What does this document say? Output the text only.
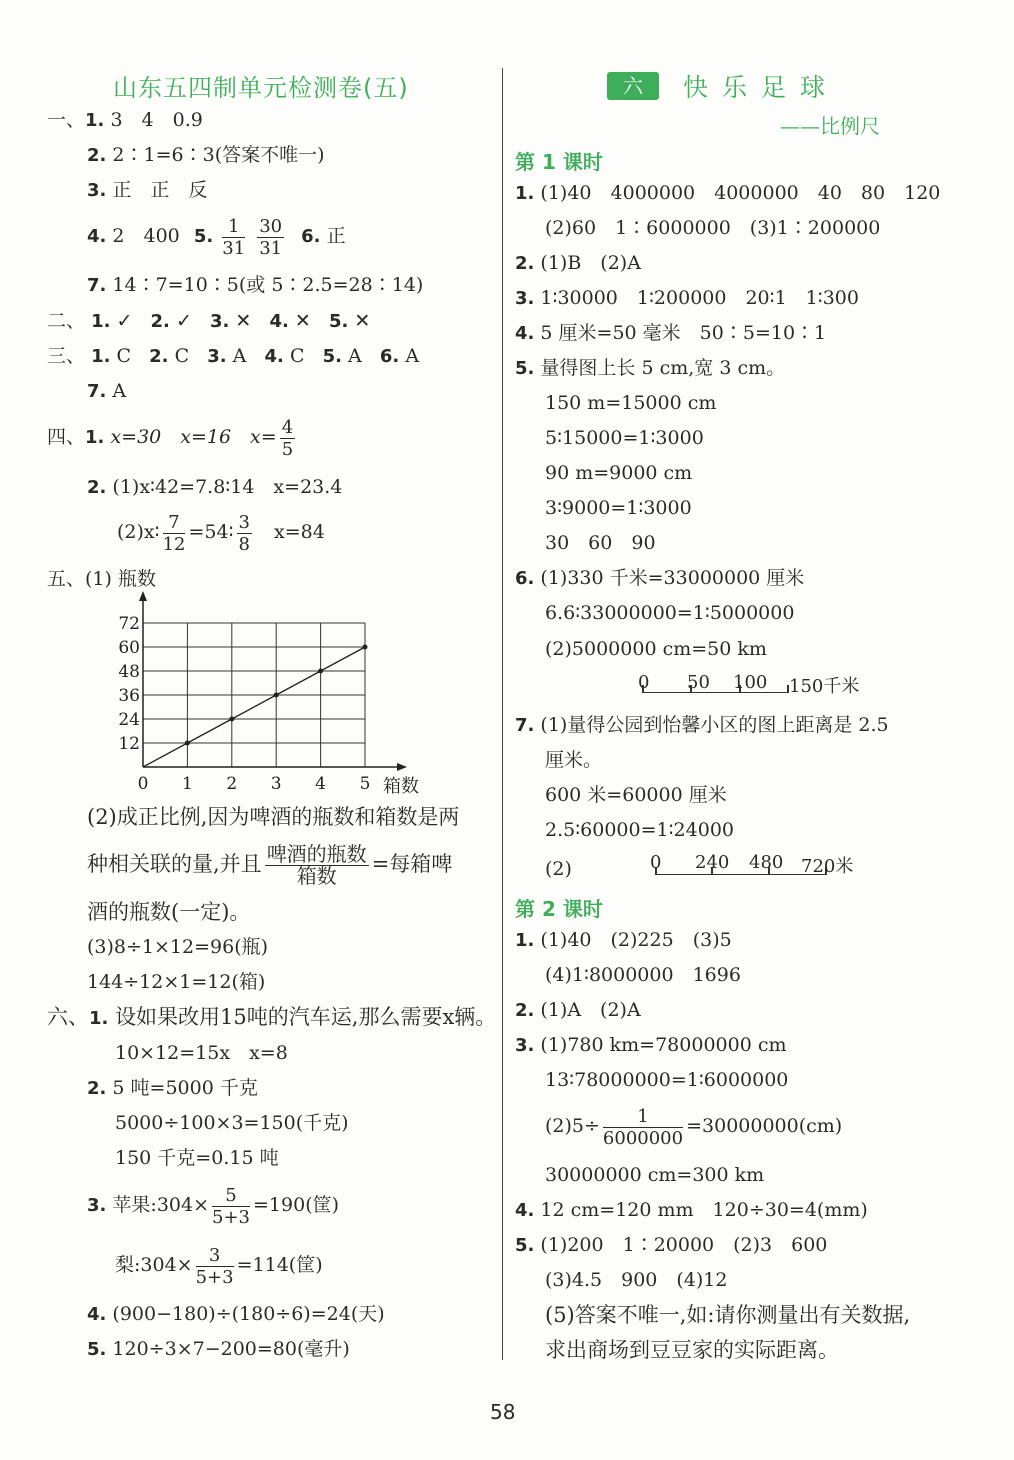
山东五四制单元检测卷(五)
一、1. 3　4　0.9
2. 2∶1=6∶3(答案不唯一)
3. 正　正　反
4. 2　400 5. $\frac{1}{31}$
$\frac{30}{31} 6$. 正
7. 14∶7=10∶5(或 5∶2.5=28∶14)
二、 1. ✓ 2. ✓ 3. ✕ 4. ✕ 5. ✕
三、 1. C 2. C 3. A 4. C 5. A 6. A
7. A
四、1. x=30　x=16　$x= \frac{4}{5}$
2. (1)x∶42=7.8∶14　x=23.4
(2)x∶ $\frac{7}{12}$ =54∶ $\frac{3}{8}$ 　x=84
五、(1) 瓶数
0 1 2 3 4 5
12
24
36
48
60
72
箱数
(2)成正比例,因为啤酒的瓶数和箱数是两
种相关联的量,并且 $\frac{\text{啤酒的瓶数}}{\text{箱数}}$ =每箱啤
酒的瓶数(一定)。
(3)8÷1×12=96(瓶)
144÷12×1=12(箱)
六、1. 设如果改用15吨的汽车运,那么需要x辆。
10×12=15x　x=8
2. 5 吨=5000 千克
5000÷100×3=150(千克)
150 千克=0.15 吨
3. 苹果:304× $\frac{5}{5+3} =190$(筐)
梨:304× $\frac{3}{5+3} =114$(筐)
4. (900−180)÷(180÷6)=24(天)
5. 120÷3×7−200=80(毫升)
六	快乐足球
——比例尺
第 1 课时
1. (1)40　4000000　4000000　40　80　120
(2)60　1∶6000000　(3)1∶200000
2. (1)B　(2)A
3. 1∶30000　1∶200000　20∶1　1∶300
4. 5 厘米=50 毫米　50∶5=10∶1
5. 量得图上长 5 cm,宽 3 cm。
150 m=15000 cm
5∶15000=1∶3000
90 m=9000 cm
3∶9000=1∶3000
30　60　90
6. (1)330 千米=33000000 厘米
6.6∶33000000=1∶5000000
(2)5000000 cm=50 km
0 50 100 150千米
7. (1)量得公园到怡馨小区的图上距离是 2.5
厘米。
600 米=60000 厘米
2.5∶60000=1∶24000
(2)	0 240 480 720米
第 2 课时
1. (1)40　(2)225　(3)5
(4)1∶8000000　1696
2. (1)A　(2)A
3. (1)780 km=78000000 cm
13∶78000000=1∶6000000
$(2)5\div \frac{1}{6000000} =30000000(cm)$
30000000 cm=300 km
4. 12 cm=120 mm　120÷30=4(mm)
5. (1)200　1∶20000　(2)3　600
(3)4.5　900　(4)12
(5)答案不唯一,如:请你测量出有关数据,
求出商场到豆豆家的实际距离。
58
